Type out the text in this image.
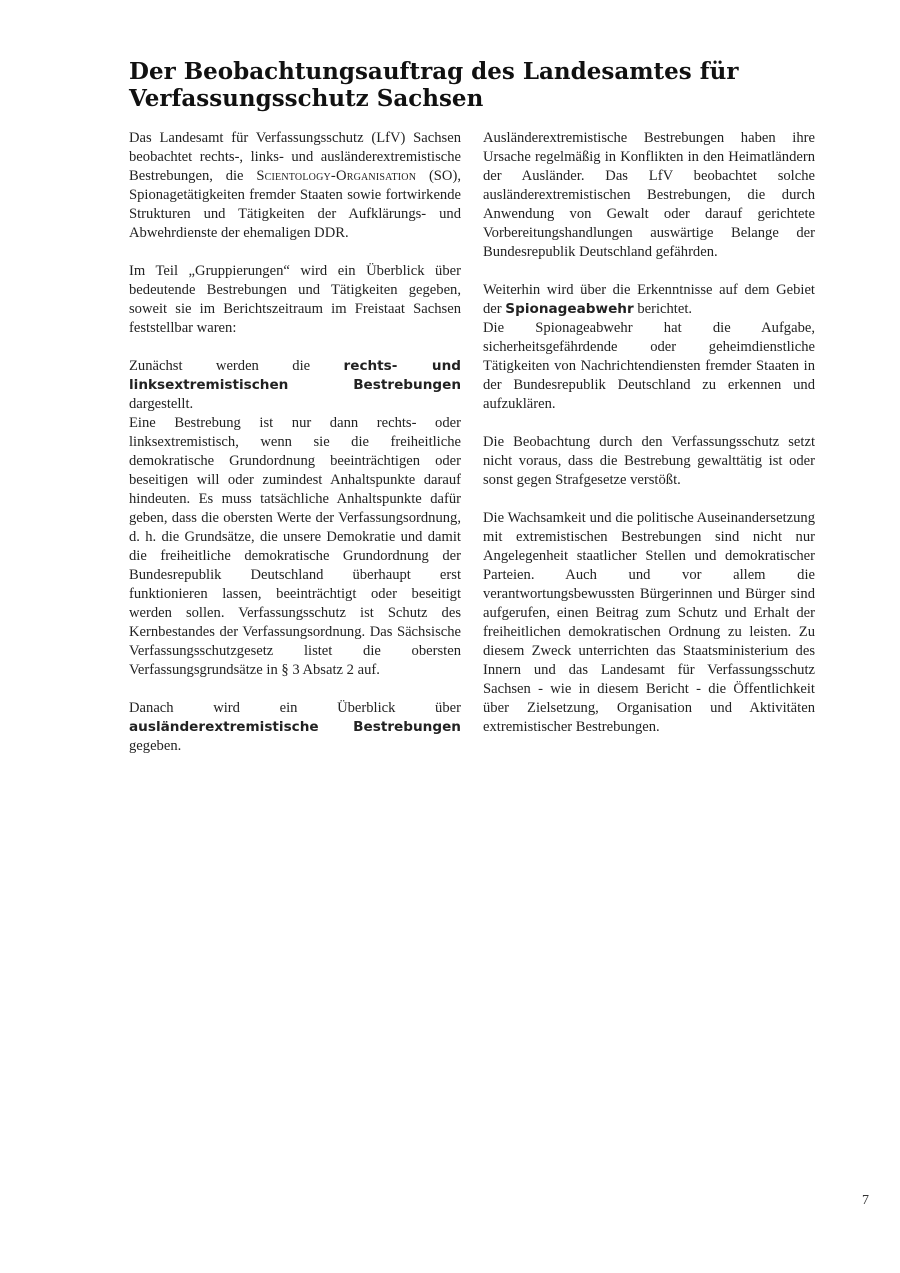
Der Beobachtungsauftrag des Landesamtes für Verfassungsschutz Sachsen

Das Landesamt für Verfassungsschutz (LfV) Sachsen beobachtet rechts-, links- und ausländerextremistische Bestrebungen, die Scientology-Organisation (SO), Spionagetätigkeiten fremder Staaten sowie fortwirkende Strukturen und Tätigkeiten der Aufklärungs- und Abwehrdienste der ehemaligen DDR.

Im Teil „Gruppierungen“ wird ein Überblick über bedeutende Bestrebungen und Tätigkeiten gegeben, soweit sie im Berichtszeitraum im Freistaat Sachsen feststellbar waren:

Zunächst werden die rechts- und linksextremistischen Bestrebungen dargestellt.

Eine Bestrebung ist nur dann rechts- oder linksextremistisch, wenn sie die freiheitliche demokratische Grundordnung beeinträchtigen oder beseitigen will oder zumindest Anhaltspunkte darauf hindeuten. Es muss tatsächliche Anhaltspunkte dafür geben, dass die obersten Werte der Verfassungsordnung, d. h. die Grundsätze, die unsere Demokratie und damit die freiheitliche demokratische Grundordnung der Bundesrepublik Deutschland überhaupt erst funktionieren lassen, beeinträchtigt oder beseitigt werden sollen. Verfassungsschutz ist Schutz des Kernbestandes der Verfassungsordnung. Das Sächsische Verfassungsschutzgesetz listet die obersten Verfassungsgrundsätze in § 3 Absatz 2 auf.

Danach wird ein Überblick über ausländerextremistische Bestrebungen gegeben.

Ausländerextremistische Bestrebungen haben ihre Ursache regelmäßig in Konflikten in den Heimatländern der Ausländer. Das LfV beobachtet solche ausländerextremistischen Bestrebungen, die durch Anwendung von Gewalt oder darauf gerichtete Vorbereitungshandlungen auswärtige Belange der Bundesrepublik Deutschland gefährden.

Weiterhin wird über die Erkenntnisse auf dem Gebiet der Spionageabwehr berichtet.

Die Spionageabwehr hat die Aufgabe, sicherheitsgefährdende oder geheimdienstliche Tätigkeiten von Nachrichtendiensten fremder Staaten in der Bundesrepublik Deutschland zu erkennen und aufzuklären.

Die Beobachtung durch den Verfassungsschutz setzt nicht voraus, dass die Bestrebung gewalttätig ist oder sonst gegen Strafgesetze verstößt.

Die Wachsamkeit und die politische Auseinandersetzung mit extremistischen Bestrebungen sind nicht nur Angelegenheit staatlicher Stellen und demokratischer Parteien. Auch und vor allem die verantwortungsbewussten Bürgerinnen und Bürger sind aufgerufen, einen Beitrag zum Schutz und Erhalt der freiheitlichen demokratischen Ordnung zu leisten. Zu diesem Zweck unterrichten das Staatsministerium des Innern und das Landesamt für Verfassungsschutz Sachsen - wie in diesem Bericht - die Öffentlichkeit über Zielsetzung, Organisation und Aktivitäten extremistischer Bestrebungen.

7
